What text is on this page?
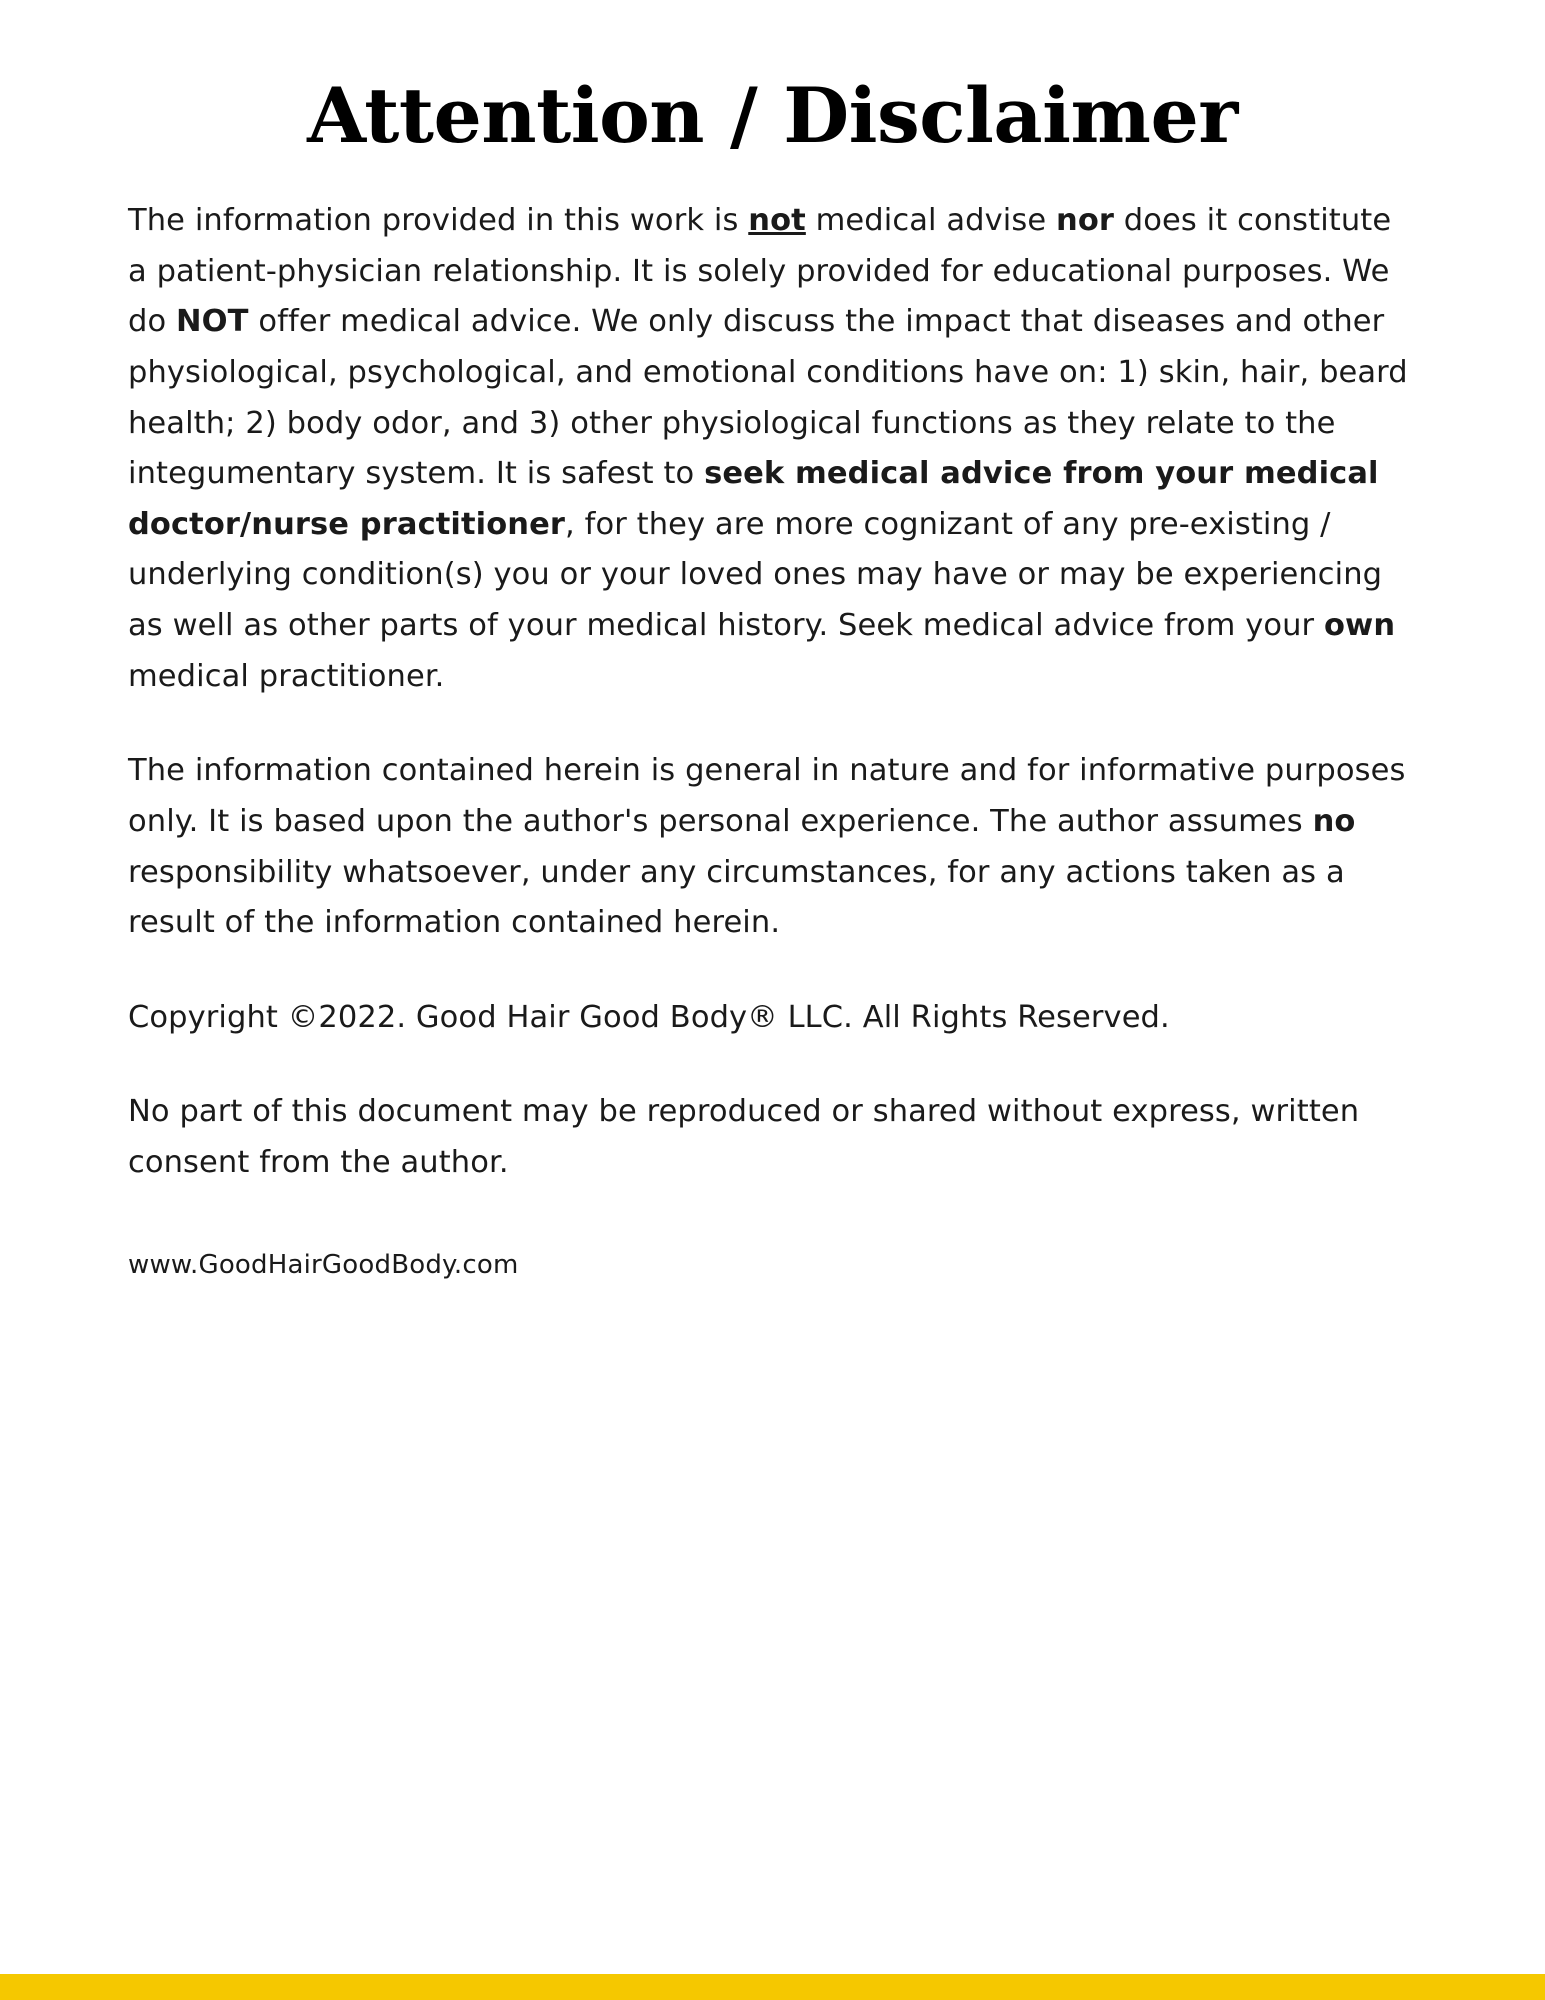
Attention / Disclaimer

The information provided in this work is not medical advise nor does it constitute a patient-physician relationship. It is solely provided for educational purposes. We do NOT offer medical advice. We only discuss the impact that diseases and other physiological, psychological, and emotional conditions have on: 1) skin, hair, beard health; 2) body odor, and 3) other physiological functions as they relate to the integumentary system. It is safest to seek medical advice from your medical doctor/nurse practitioner, for they are more cognizant of any pre-existing / underlying condition(s) you or your loved ones may have or may be experiencing as well as other parts of your medical history. Seek medical advice from your own medical practitioner.

The information contained herein is general in nature and for informative purposes only. It is based upon the author's personal experience. The author assumes no responsibility whatsoever, under any circumstances, for any actions taken as a result of the information contained herein.

Copyright ©2022. Good Hair Good Body® LLC. All Rights Reserved.

No part of this document may be reproduced or shared without express, written consent from the author.

www.GoodHairGoodBody.com
